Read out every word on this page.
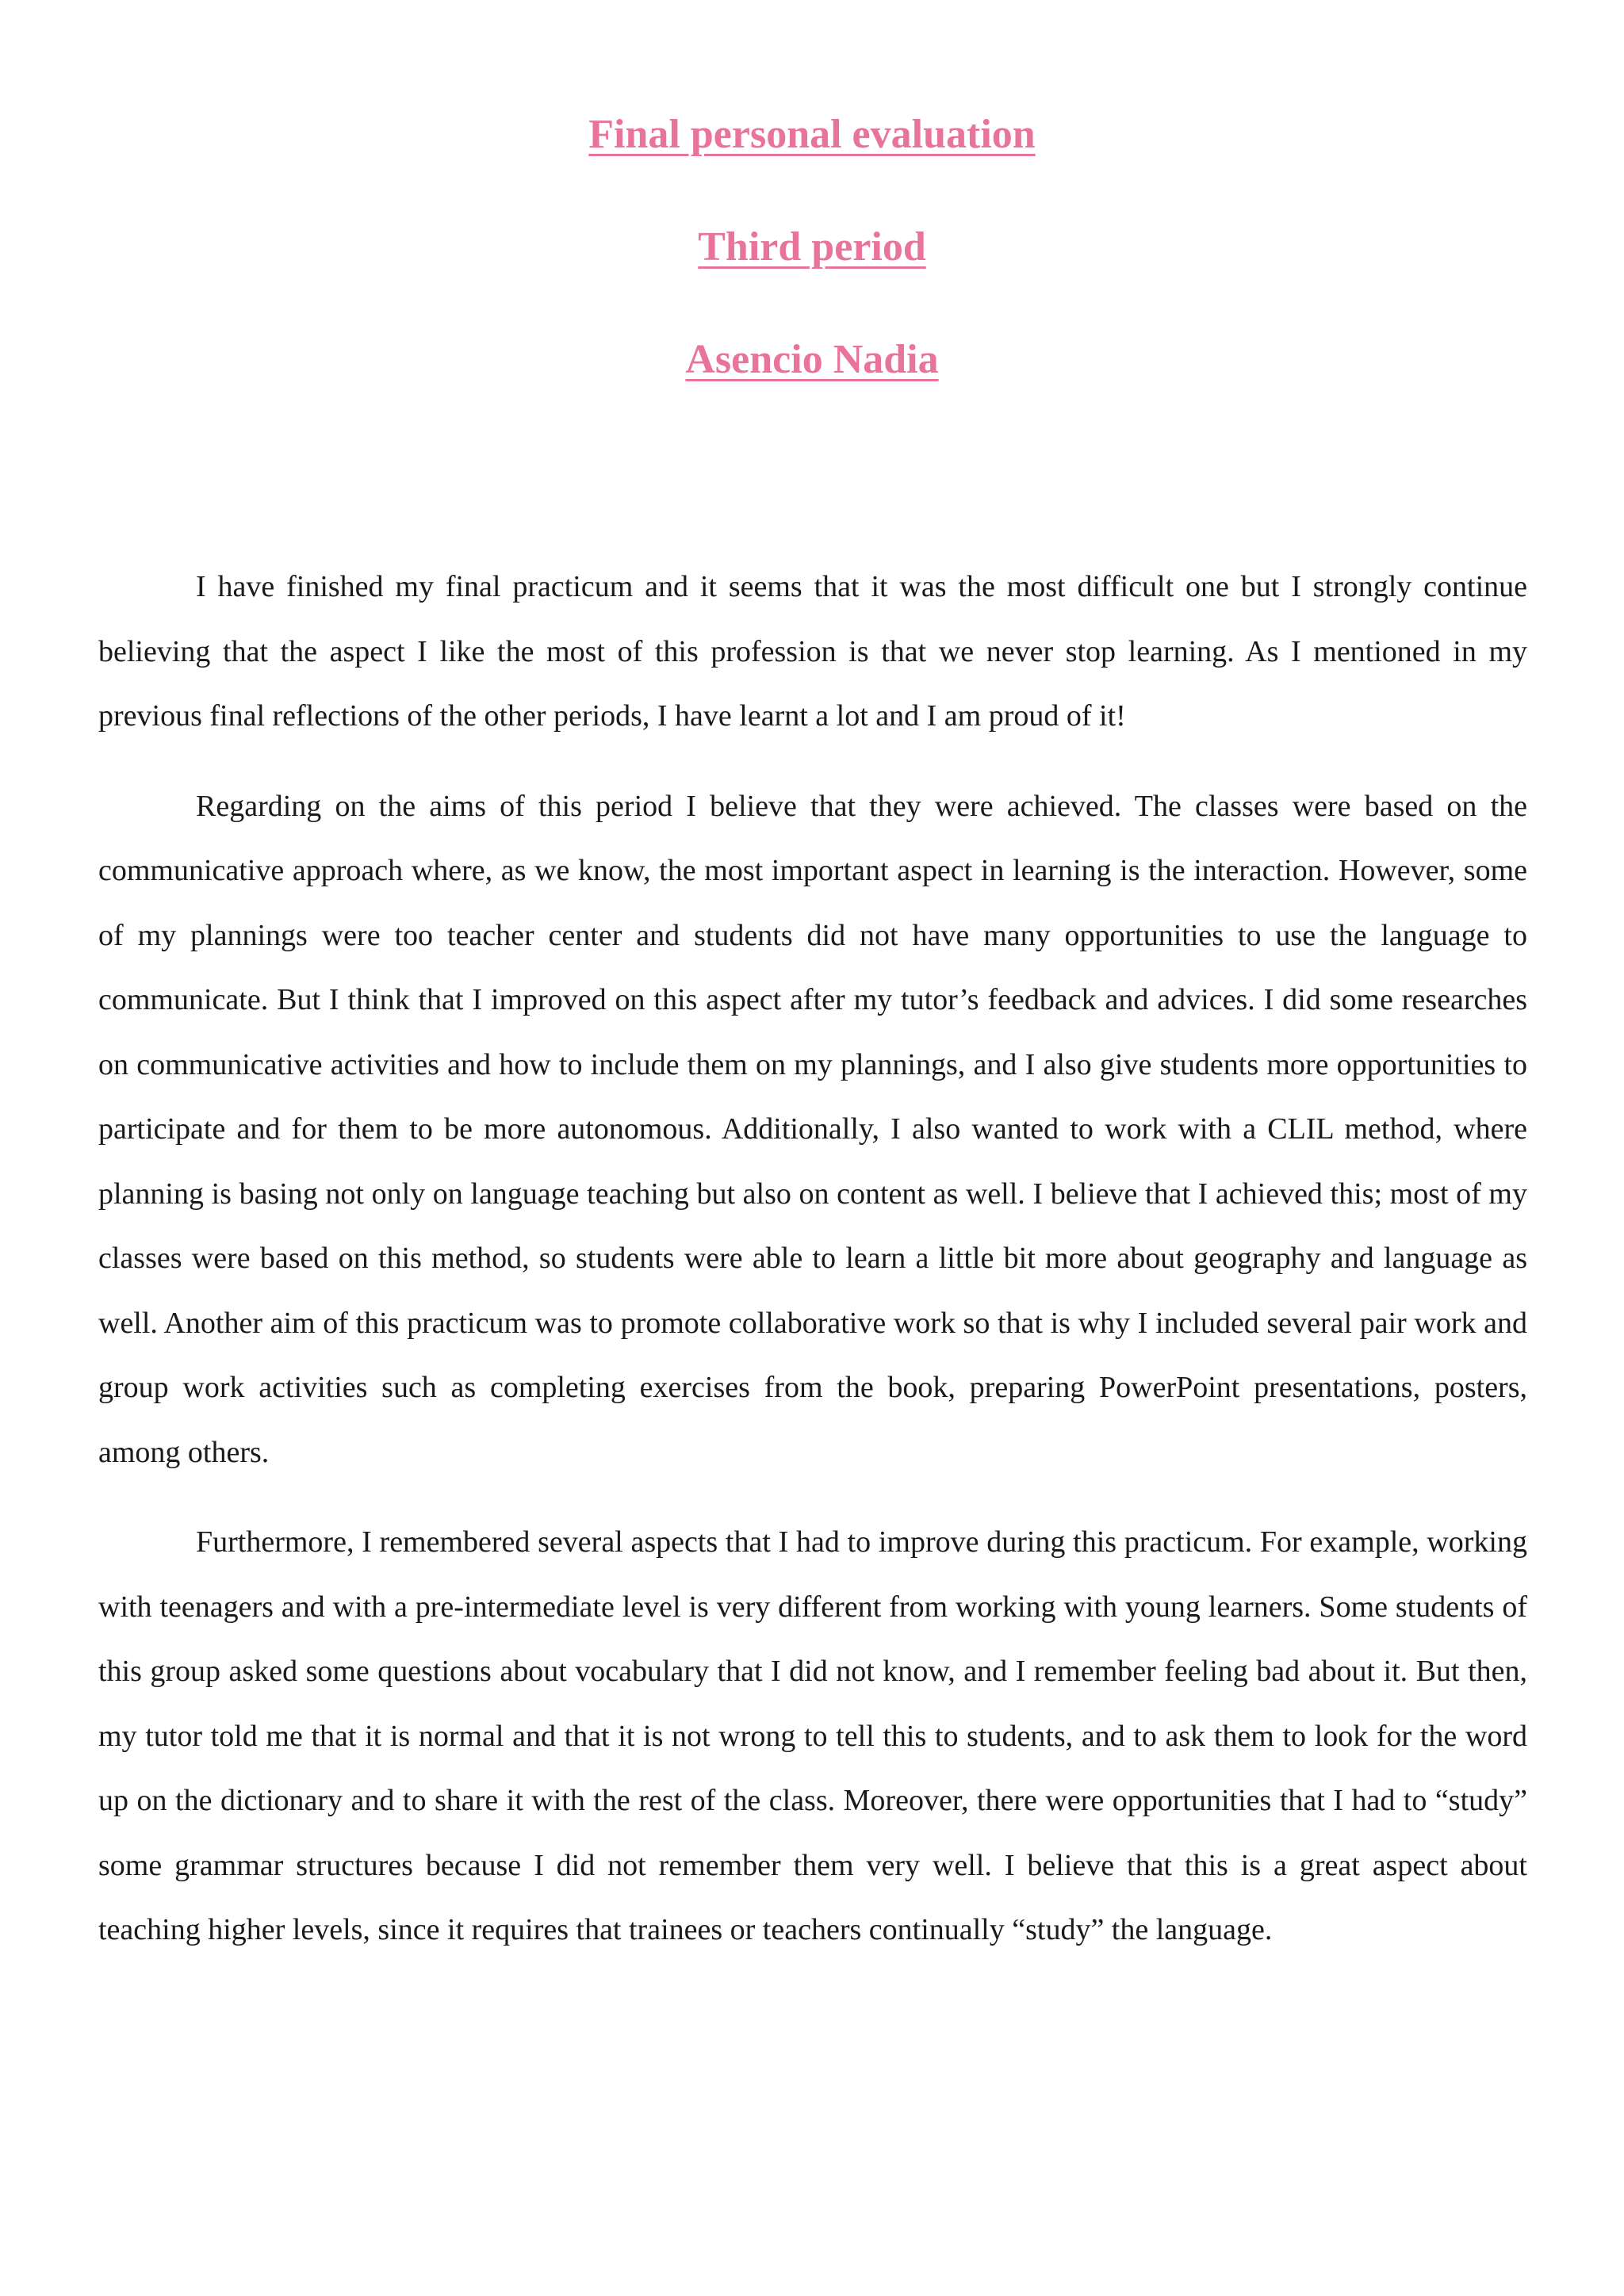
Final personal evaluation
Third period
Asencio Nadia

I have finished my final practicum and it seems that it was the most difficult one but I strongly continue believing that the aspect I like the most of this profession is that we never stop learning. As I mentioned in my previous final reflections of the other periods, I have learnt a lot and I am proud of it!

Regarding on the aims of this period I believe that they were achieved. The classes were based on the communicative approach where, as we know, the most important aspect in learning is the interaction. However, some of my plannings were too teacher center and students did not have many opportunities to use the language to communicate. But I think that I improved on this aspect after my tutor’s feedback and advices. I did some researches on communicative activities and how to include them on my plannings, and I also give students more opportunities to participate and for them to be more autonomous. Additionally, I also wanted to work with a CLIL method, where planning is basing not only on language teaching but also on content as well. I believe that I achieved this; most of my classes were based on this method, so students were able to learn a little bit more about geography and language as well. Another aim of this practicum was to promote collaborative work so that is why I included several pair work and group work activities such as completing exercises from the book, preparing PowerPoint presentations, posters, among others.

Furthermore, I remembered several aspects that I had to improve during this practicum. For example, working with teenagers and with a pre-intermediate level is very different from working with young learners. Some students of this group asked some questions about vocabulary that I did not know, and I remember feeling bad about it. But then, my tutor told me that it is normal and that it is not wrong to tell this to students, and to ask them to look for the word up on the dictionary and to share it with the rest of the class. Moreover, there were opportunities that I had to “study” some grammar structures because I did not remember them very well. I believe that this is a great aspect about teaching higher levels, since it requires that trainees or teachers continually “study” the language.
